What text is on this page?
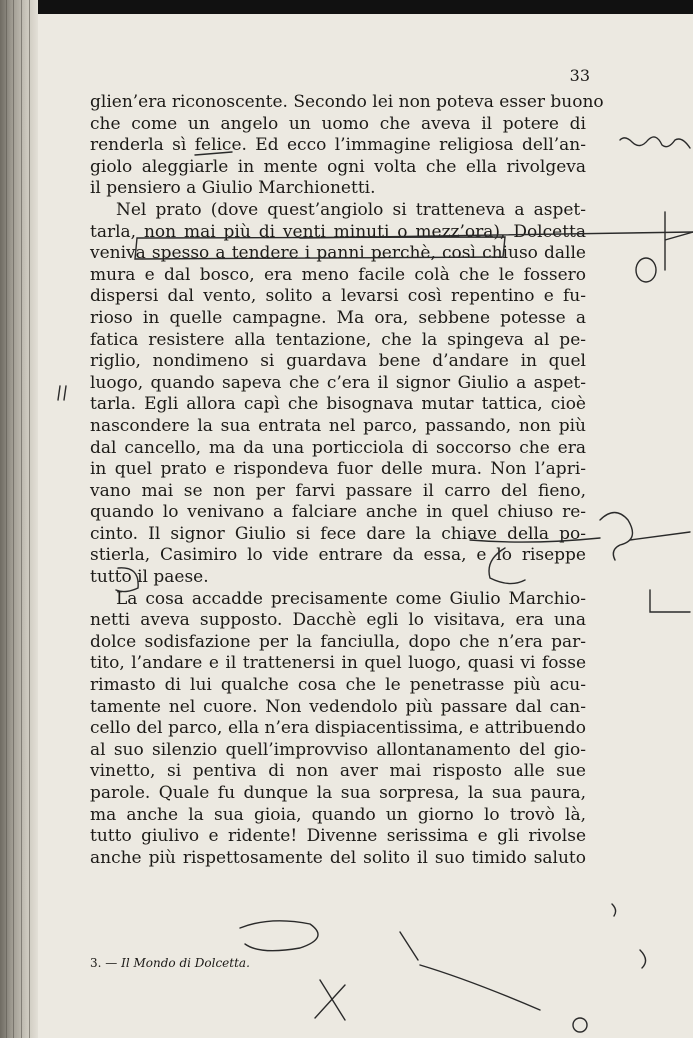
33
glien’era riconoscente. Secondo lei non poteva esser buono
che come un angelo un uomo che aveva il potere di
renderla sì felice. Ed ecco l’immagine religiosa dell’an-
giolo aleggiarle in mente ogni volta che ella rivolgeva
il pensiero a Giulio Marchionetti.
Nel prato (dove quest’angiolo si tratteneva a aspet-
tarla, non mai più di venti minuti o mezz’ora), Dolcetta
veniva spesso a tendere i panni perchè, così chiuso dalle
mura e dal bosco, era meno facile colà che le fossero
dispersi dal vento, solito a levarsi così repentino e fu-
rioso in quelle campagne. Ma ora, sebbene potesse a
fatica resistere alla tentazione, che la spingeva al pe-
riglio, nondimeno si guardava bene d’andare in quel
luogo, quando sapeva che c’era il signor Giulio a aspet-
tarla. Egli allora capì che bisognava mutar tattica, cioè
nascondere la sua entrata nel parco, passando, non più
dal cancello, ma da una porticciola di soccorso che era
in quel prato e rispondeva fuor delle mura. Non l’apri-
vano mai se non per farvi passare il carro del fieno,
quando lo venivano a falciare anche in quel chiuso re-
cinto. Il signor Giulio si fece dare la chiave della po-
stierla, Casimiro lo vide entrare da essa, e lo riseppe
tutto il paese.
La cosa accadde precisamente come Giulio Marchio-
netti aveva supposto. Dacchè egli lo visitava, era una
dolce sodisfazione per la fanciulla, dopo che n’era par-
tito, l’andare e il trattenersi in quel luogo, quasi vi fosse
rimasto di lui qualche cosa che le penetrasse più acu-
tamente nel cuore. Non vedendolo più passare dal can-
cello del parco, ella n’era dispiacentissima, e attribuendo
al suo silenzio quell’improvviso allontanamento del gio-
vinetto, si pentiva di non aver mai risposto alle sue
parole. Quale fu dunque la sua sorpresa, la sua paura,
ma anche la sua gioia, quando un giorno lo trovò là,
tutto giulivo e ridente! Divenne serissima e gli rivolse
anche più rispettosamente del solito il suo timido saluto
3. — Il Mondo di Dolcetta.
